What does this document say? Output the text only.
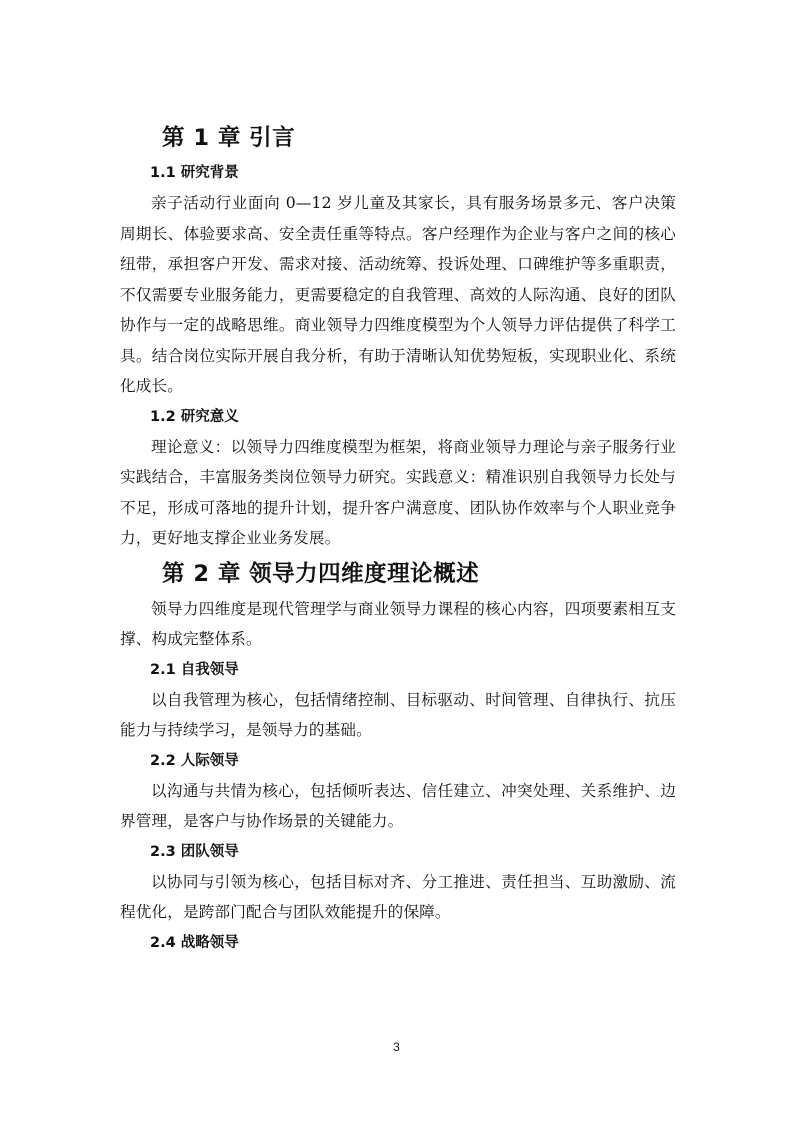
第 1 章 引言
1.1 研究背景

亲子活动行业面向 0—12 岁儿童及其家长，具有服务场景多元、客户决策周期长、体验要求高、安全责任重等特点。客户经理作为企业与客户之间的核心纽带，承担客户开发、需求对接、活动统筹、投诉处理、口碑维护等多重职责，不仅需要专业服务能力，更需要稳定的自我管理、高效的人际沟通、良好的团队协作与一定的战略思维。商业领导力四维度模型为个人领导力评估提供了科学工具。结合岗位实际开展自我分析，有助于清晰认知优势短板，实现职业化、系统化成长。

1.2 研究意义

理论意义：以领导力四维度模型为框架，将商业领导力理论与亲子服务行业实践结合，丰富服务类岗位领导力研究。实践意义：精准识别自我领导力长处与不足，形成可落地的提升计划，提升客户满意度、团队协作效率与个人职业竞争力，更好地支撑企业业务发展。

第 2 章 领导力四维度理论概述

领导力四维度是现代管理学与商业领导力课程的核心内容，四项要素相互支撑、构成完整体系。

2.1 自我领导

以自我管理为核心，包括情绪控制、目标驱动、时间管理、自律执行、抗压能力与持续学习，是领导力的基础。

2.2 人际领导

以沟通与共情为核心，包括倾听表达、信任建立、冲突处理、关系维护、边界管理，是客户与协作场景的关键能力。

2.3 团队领导

以协同与引领为核心，包括目标对齐、分工推进、责任担当、互助激励、流程优化，是跨部门配合与团队效能提升的保障。

2.4 战略领导
3
